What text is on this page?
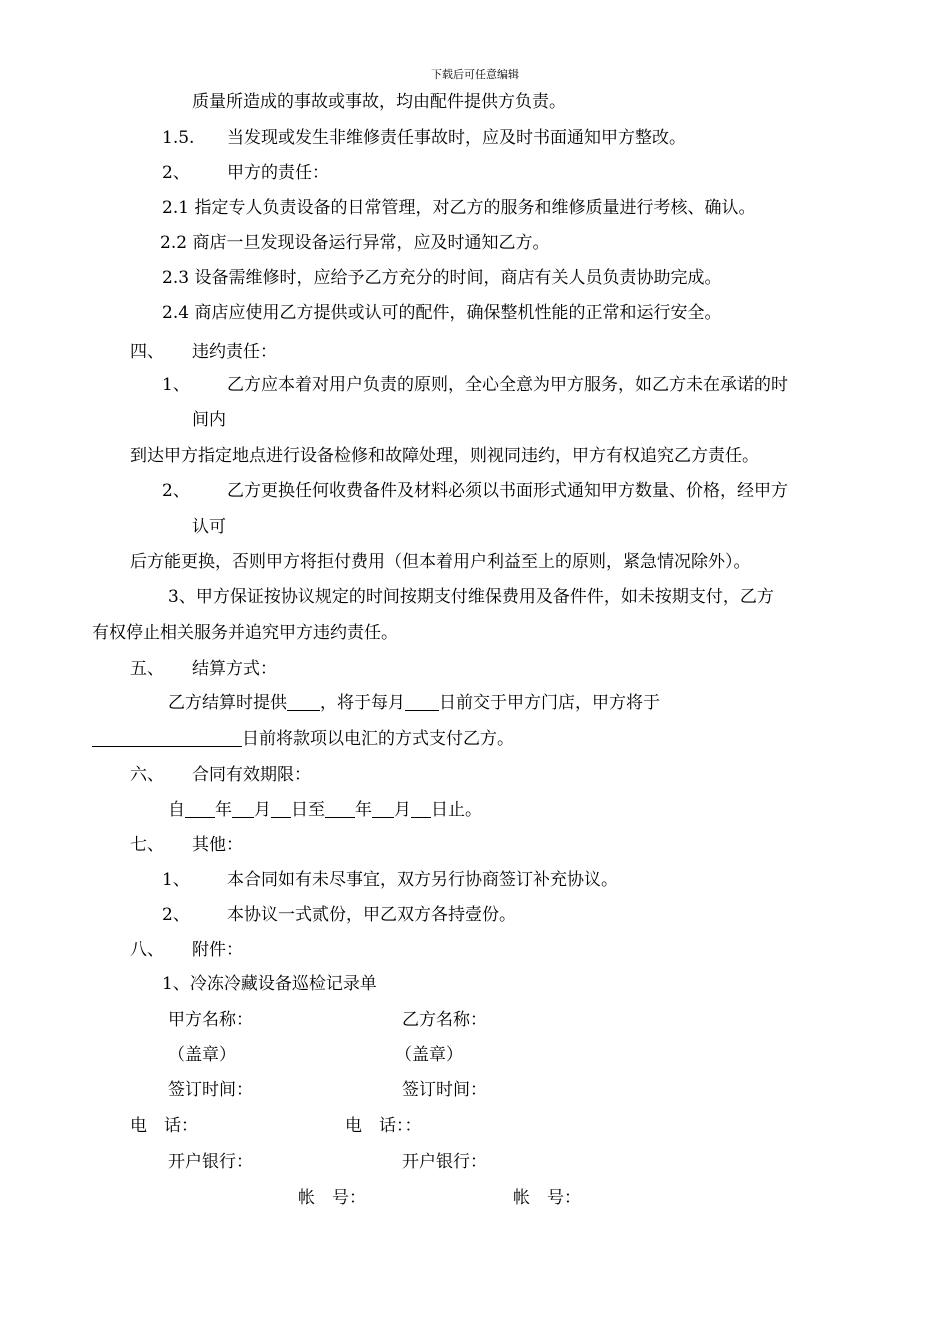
下载后可任意编辑
质量所造成的事故或事故，均由配件提供方负责。
1.5. 当发现或发生非维修责任事故时，应及时书面通知甲方整改。
2、 甲方的责任：
2.1 指定专人负责设备的日常管理，对乙方的服务和维修质量进行考核、确认。
2.2 商店一旦发现设备运行异常，应及时通知乙方。
2.3 设备需维修时，应给予乙方充分的时间，商店有关人员负责协助完成。
2.4 商店应使用乙方提供或认可的配件，确保整机性能的正常和运行安全。
四、 违约责任：
1、 乙方应本着对用户负责的原则，全心全意为甲方服务，如乙方未在承诺的时
间内
到达甲方指定地点进行设备检修和故障处理，则视同违约，甲方有权追究乙方责任。
2、 乙方更换任何收费备件及材料必须以书面形式通知甲方数量、价格，经甲方
认可
后方能更换，否则甲方将拒付费用（但本着用户利益至上的原则，紧急情况除外）。
3、甲方保证按协议规定的时间按期支付维保费用及备件件，如未按期支付，乙方
有权停止相关服务并追究甲方违约责任。
五、 结算方式：
乙方结算时提供 ，将于每月 日前交于甲方门店，甲方将于
日前将款项以电汇的方式支付乙方。
六、 合同有效期限：
自 年 月 日至 年 月 日止。
七、 其他：
1、 本合同如有未尽事宜，双方另行协商签订补充协议。
2、 本协议一式贰份，甲乙双方各持壹份。
八、 附件：
1、冷冻冷藏设备巡检记录单
甲方名称：	乙方名称：
（盖章）	（盖章）
签订时间：	签订时间：
电　话：	电　话：：
开户银行：	开户银行：
帐　号：	帐　号：
